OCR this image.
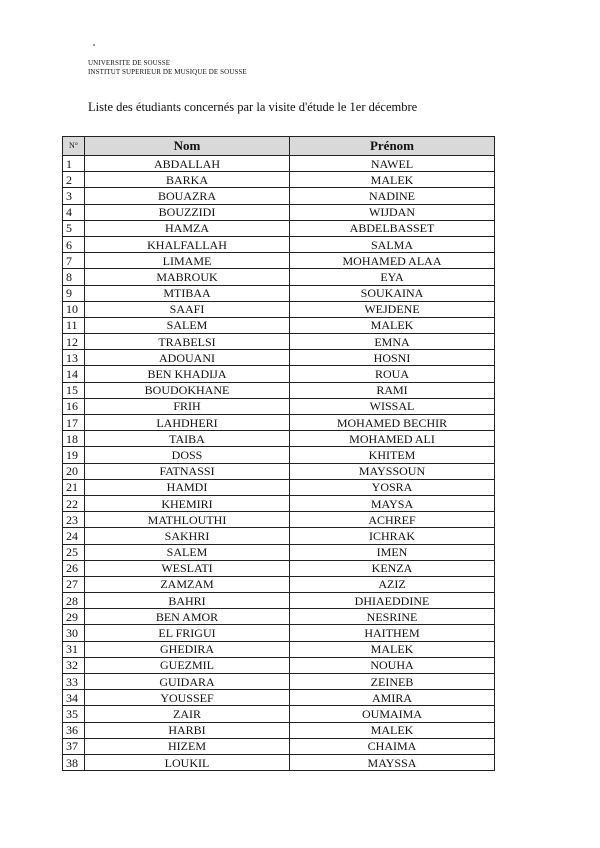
UNIVERSITE DE SOUSSE
INSTITUT SUPERIEUR DE MUSIQUE DE SOUSSE
Liste des étudiants concernés par la visite d'étude le 1er décembre
N°	Nom	Prénom
1	ABDALLAH	NAWEL
2	BARKA	MALEK
3	BOUAZRA	NADINE
4	BOUZZIDI	WIJDAN
5	HAMZA	ABDELBASSET
6	KHALFALLAH	SALMA
7	LIMAME	MOHAMED ALAA
8	MABROUK	EYA
9	MTIBAA	SOUKAINA
10	SAAFI	WEJDENE
11	SALEM	MALEK
12	TRABELSI	EMNA
13	ADOUANI	HOSNI
14	BEN KHADIJA	ROUA
15	BOUDOKHANE	RAMI
16	FRIH	WISSAL
17	LAHDHERI	MOHAMED BECHIR
18	TAIBA	MOHAMED ALI
19	DOSS	KHITEM
20	FATNASSI	MAYSSOUN
21	HAMDI	YOSRA
22	KHEMIRI	MAYSA
23	MATHLOUTHI	ACHREF
24	SAKHRI	ICHRAK
25	SALEM	IMEN
26	WESLATI	KENZA
27	ZAMZAM	AZIZ
28	BAHRI	DHIAEDDINE
29	BEN AMOR	NESRINE
30	EL FRIGUI	HAITHEM
31	GHEDIRA	MALEK
32	GUEZMIL	NOUHA
33	GUIDARA	ZEINEB
34	YOUSSEF	AMIRA
35	ZAIR	OUMAIMA
36	HARBI	MALEK
37	HIZEM	CHAIMA
38	LOUKIL	MAYSSA
